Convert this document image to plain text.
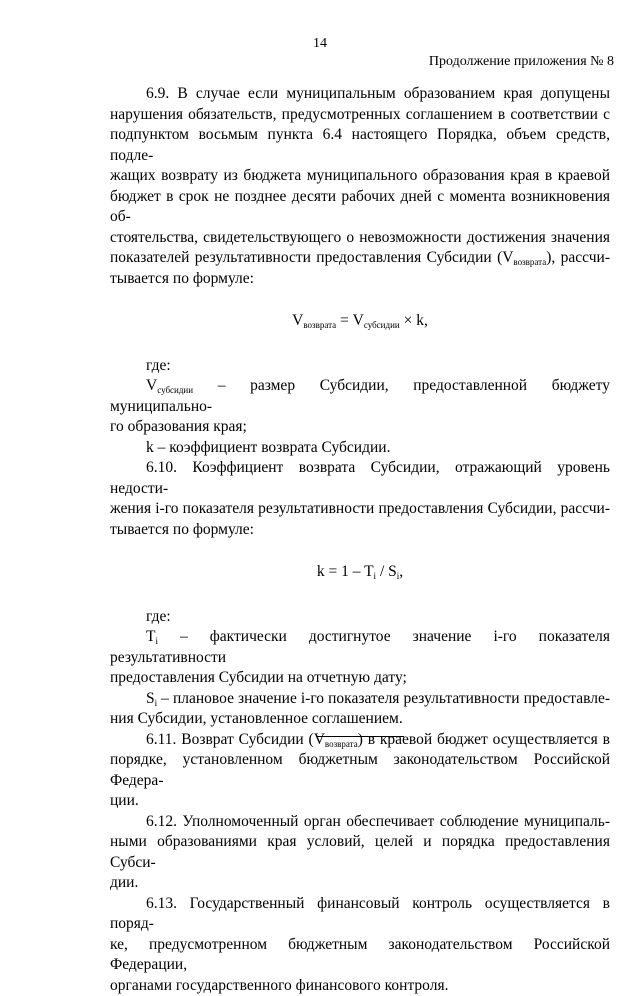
14
Продолжение приложения № 8

6.9. В случае если муниципальным образованием края допущены
нарушения обязательств, предусмотренных соглашением в соответствии с
подпунктом восьмым пункта 6.4 настоящего Порядка, объем средств, подле-
жащих возврату из бюджета муниципального образования края в краевой
бюджет в срок не позднее десяти рабочих дней с момента возникновения об-
стоятельства, свидетельствующего о невозможности достижения значения
показателей результативности предоставления Субсидии $(V_{возврата})$, рассчи-
тывается по формуле:

$V_{возврата} = V_{субсидии} \times k$,

где:

$V_{субсидии}$ – размер Субсидии, предоставленной бюджету муниципально-
го образования края;

k – коэффициент возврата Субсидии.

6.10. Коэффициент возврата Субсидии, отражающий уровень недости-
жения i-го показателя результативности предоставления Субсидии, рассчи-
тывается по формуле:

$k = 1 - T_i / S_i$,

где:

$T_i$ – фактически достигнутое значение i-го показателя результативности
предоставления Субсидии на отчетную дату;

$S_i$ – плановое значение i-го показателя результативности предоставле-
ния Субсидии, установленное соглашением.

6.11. Возврат Субсидии $(V_{возврата})$ в краевой бюджет осуществляется в
порядке, установленном бюджетным законодательством Российской Федера-
ции.

6.12. Уполномоченный орган обеспечивает соблюдение муниципаль-
ными образованиями края условий, целей и порядка предоставления Субси-
дии.

6.13. Государственный финансовый контроль осуществляется в поряд-
ке, предусмотренном бюджетным законодательством Российской Федерации,
органами государственного финансового контроля.
